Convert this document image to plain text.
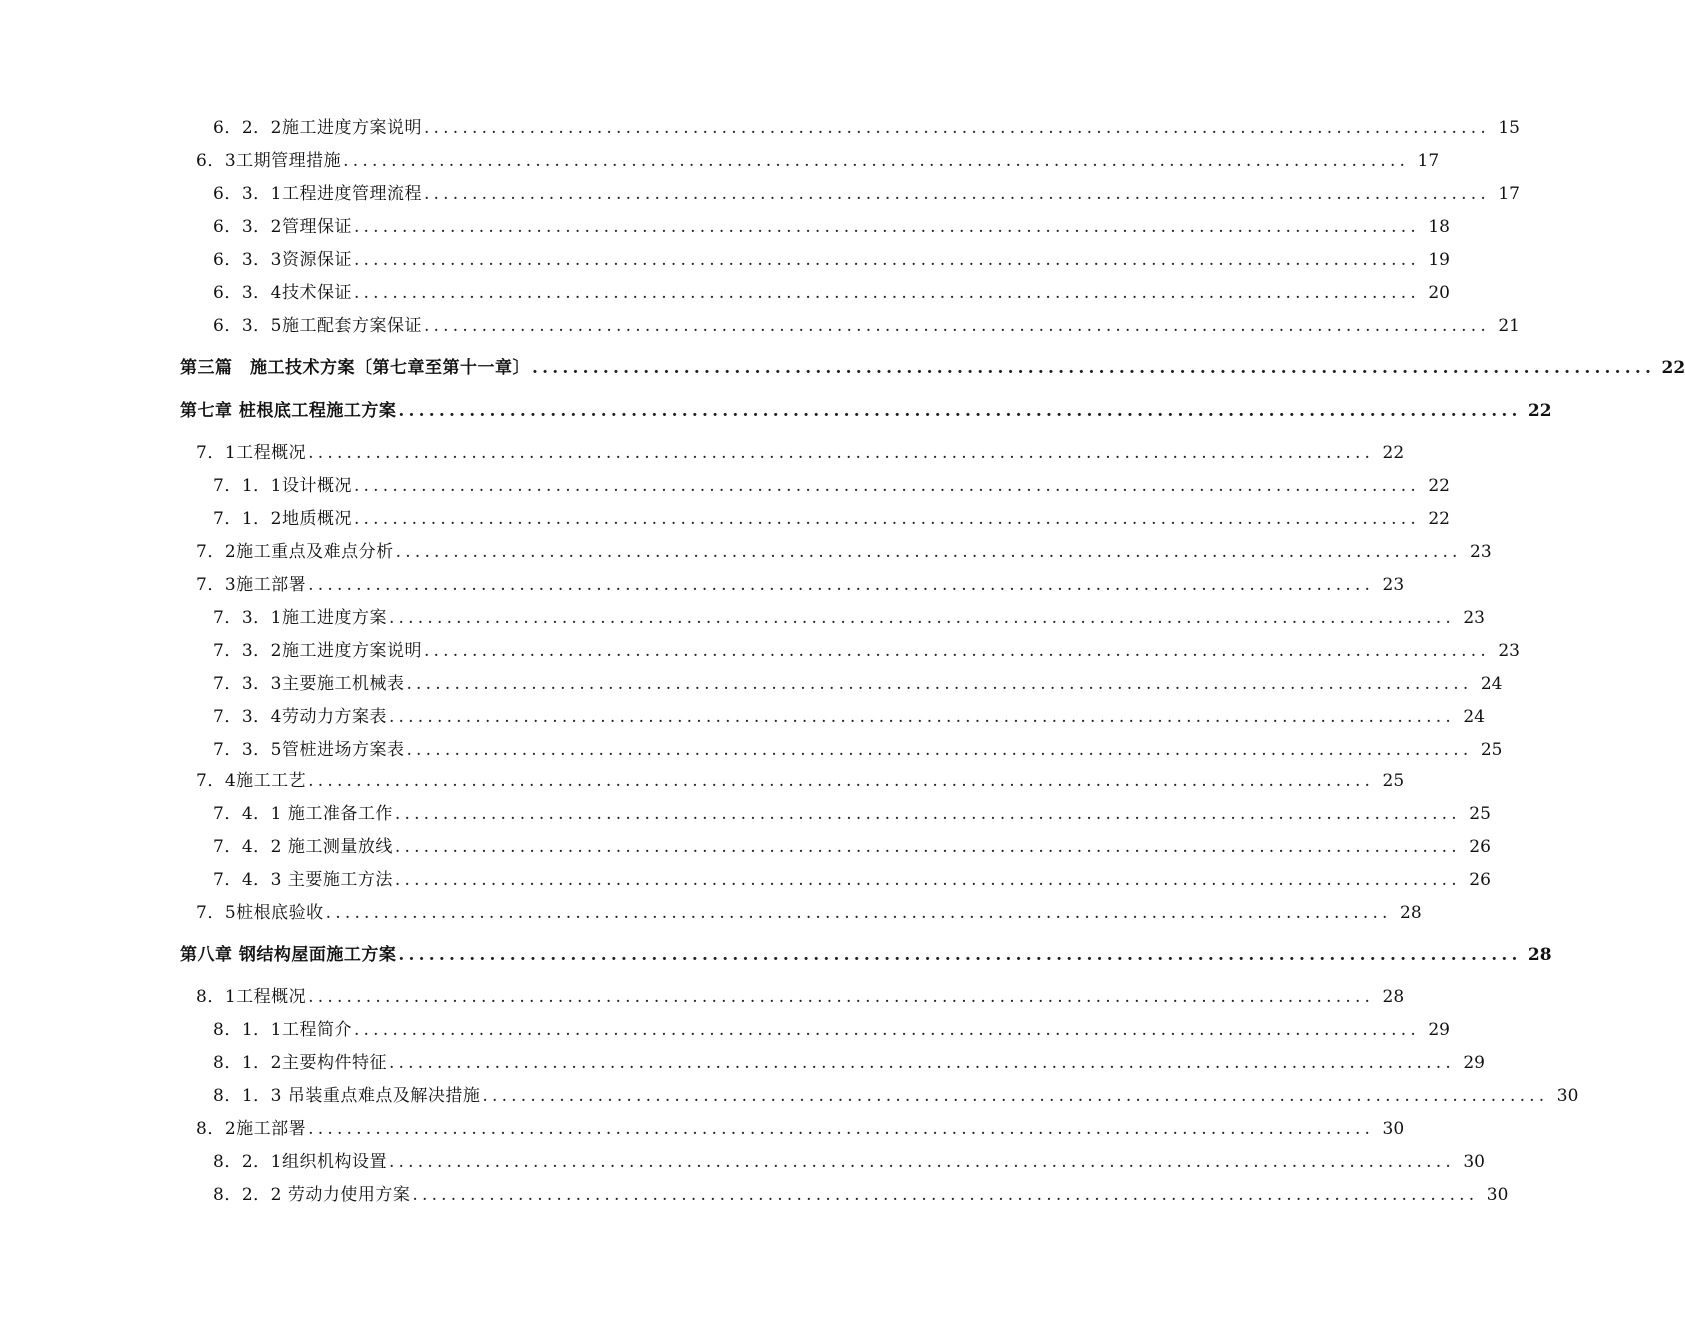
6．2．2施工进度方案说明 ............................................................................................................... 15
6．3工期管理措施 ............................................................................................................... 17
6．3．1工程进度管理流程 ............................................................................................................... 17
6．3．2管理保证 ............................................................................................................... 18
6．3．3资源保证 ............................................................................................................... 19
6．3．4技术保证 ............................................................................................................... 20
6．3．5施工配套方案保证 ............................................................................................................... 21
第三篇　施工技术方案〔第七章至第十一章〕 ............................................................................................................... 22
第七章 桩根底工程施工方案 ............................................................................................................... 22
7．1工程概况 ............................................................................................................... 22
7．1．1设计概况 ............................................................................................................... 22
7．1．2地质概况 ............................................................................................................... 22
7．2施工重点及难点分析 ............................................................................................................... 23
7．3施工部署 ............................................................................................................... 23
7．3．1施工进度方案 ............................................................................................................... 23
7．3．2施工进度方案说明 ............................................................................................................... 23
7．3．3主要施工机械表 ............................................................................................................... 24
7．3．4劳动力方案表 ............................................................................................................... 24
7．3．5管桩进场方案表 ............................................................................................................... 25
7．4施工工艺 ............................................................................................................... 25
7．4．1 施工准备工作 ............................................................................................................... 25
7．4．2 施工测量放线 ............................................................................................................... 26
7．4．3 主要施工方法 ............................................................................................................... 26
7．5桩根底验收 ............................................................................................................... 28
第八章 钢结构屋面施工方案 ............................................................................................................... 28
8．1工程概况 ............................................................................................................... 28
8．1．1工程简介 ............................................................................................................... 29
8．1．2主要构件特征 ............................................................................................................... 29
8．1．3 吊装重点难点及解决措施 ............................................................................................................... 30
8．2施工部署 ............................................................................................................... 30
8．2．1组织机构设置 ............................................................................................................... 30
8．2．2 劳动力使用方案 ............................................................................................................... 30
